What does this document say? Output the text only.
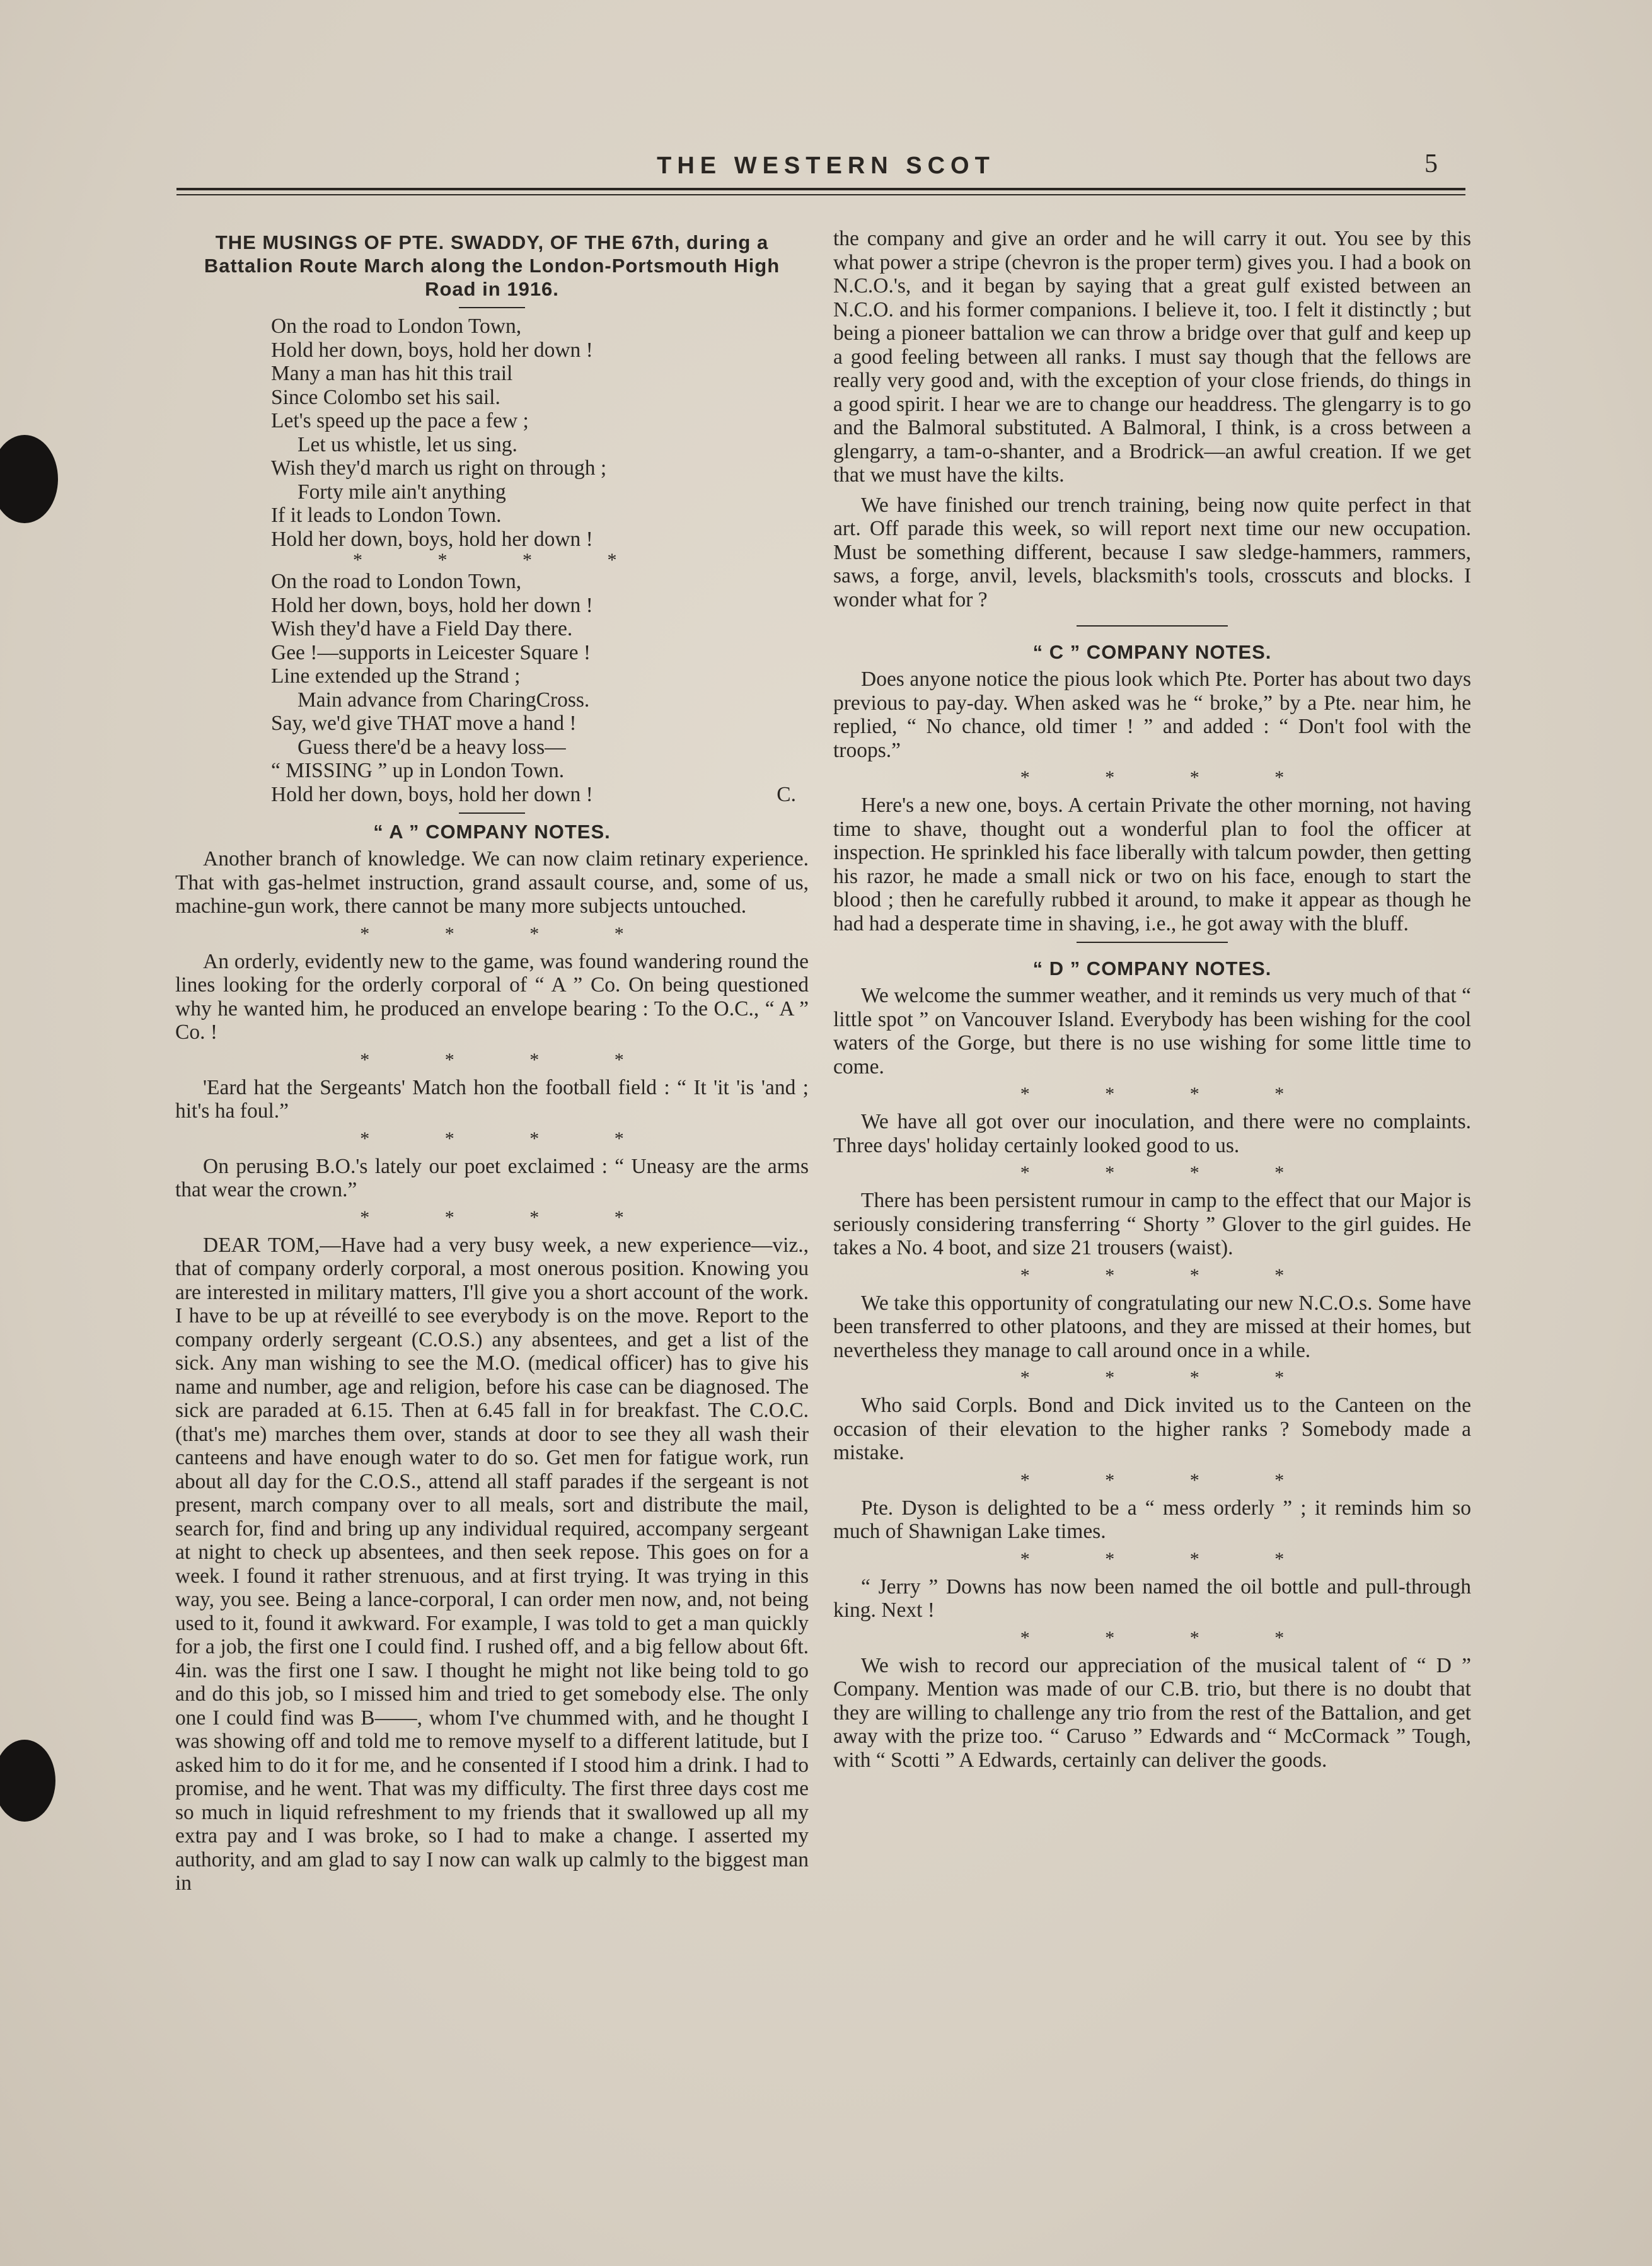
THE WESTERN SCOT	5
THE MUSINGS OF PTE. SWADDY, OF THE 67th, during a Battalion Route March along the London-Portsmouth High Road in 1916.
On the road to London Town,
Hold her down, boys, hold her down !
Many a man has hit this trail
Since Colombo set his sail.
Let's speed up the pace a few ;
Let us whistle, let us sing.
Wish they'd march us right on through ;
Forty mile ain't anything
If it leads to London Town.
Hold her down, boys, hold her down !
* * * *
On the road to London Town,
Hold her down, boys, hold her down !
Wish they'd have a Field Day there.
Gee !—supports in Leicester Square !
Line extended up the Strand ;
Main advance from CharingCross.
Say, we'd give THAT move a hand !
Guess there'd be a heavy loss—
“ MISSING ” up in London Town.
Hold her down, boys, hold her down !	C.
“ A ” COMPANY NOTES.

Another branch of knowledge. We can now claim retinary experience. That with gas-helmet instruction, grand assault course, and, some of us, machine-gun work, there cannot be many more subjects untouched.

* * * *

An orderly, evidently new to the game, was found wandering round the lines looking for the orderly corporal of “ A ” Co. On being questioned why he wanted him, he produced an envelope bearing : To the O.C., “ A ” Co. !

* * * *

'Eard hat the Sergeants' Match hon the football field : “ It 'it 'is 'and ; hit's ha foul.”

* * * *

On perusing B.O.'s lately our poet exclaimed : “ Uneasy are the arms that wear the crown.”

* * * *

DEAR TOM,—Have had a very busy week, a new experience—viz., that of company orderly corporal, a most onerous position. Knowing you are interested in military matters, I'll give you a short account of the work. I have to be up at réveillé to see everybody is on the move. Report to the company orderly sergeant (C.O.S.) any absentees, and get a list of the sick. Any man wishing to see the M.O. (medical officer) has to give his name and number, age and religion, before his case can be diagnosed. The sick are paraded at 6.15. Then at 6.45 fall in for breakfast. The C.O.C. (that's me) marches them over, stands at door to see they all wash their canteens and have enough water to do so. Get men for fatigue work, run about all day for the C.O.S., attend all staff parades if the sergeant is not present, march company over to all meals, sort and distribute the mail, search for, find and bring up any individual required, accompany sergeant at night to check up absentees, and then seek repose. This goes on for a week. I found it rather strenuous, and at first trying. It was trying in this way, you see. Being a lance-corporal, I can order men now, and, not being used to it, found it awkward. For example, I was told to get a man quickly for a job, the first one I could find. I rushed off, and a big fellow about 6ft. 4in. was the first one I saw. I thought he might not like being told to go and do this job, so I missed him and tried to get somebody else. The only one I could find was B——, whom I've chummed with, and he thought I was showing off and told me to remove myself to a different latitude, but I asked him to do it for me, and he consented if I stood him a drink. I had to promise, and he went. That was my difficulty. The first three days cost me so much in liquid refreshment to my friends that it swallowed up all my extra pay and I was broke, so I had to make a change. I asserted my authority, and am glad to say I now can walk up calmly to the biggest man in

the company and give an order and he will carry it out. You see by this what power a stripe (chevron is the proper term) gives you. I had a book on N.C.O.'s, and it began by saying that a great gulf existed between an N.C.O. and his former companions. I believe it, too. I felt it distinctly ; but being a pioneer battalion we can throw a bridge over that gulf and keep up a good feeling between all ranks. I must say though that the fellows are really very good and, with the exception of your close friends, do things in a good spirit. I hear we are to change our headdress. The glengarry is to go and the Balmoral substituted. A Balmoral, I think, is a cross between a glengarry, a tam-o-shanter, and a Brodrick—an awful creation. If we get that we must have the kilts.

We have finished our trench training, being now quite perfect in that art. Off parade this week, so will report next time our new occupation. Must be something different, because I saw sledge-hammers, rammers, saws, a forge, anvil, levels, blacksmith's tools, crosscuts and blocks. I wonder what for ?

“ C ” COMPANY NOTES.

Does anyone notice the pious look which Pte. Porter has about two days previous to pay-day. When asked was he “ broke,” by a Pte. near him, he replied, “ No chance, old timer ! ” and added : “ Don't fool with the troops.”

* * * *

Here's a new one, boys. A certain Private the other morning, not having time to shave, thought out a wonderful plan to fool the officer at inspection. He sprinkled his face liberally with talcum powder, then getting his razor, he made a small nick or two on his face, enough to start the blood ; then he carefully rubbed it around, to make it appear as though he had had a desperate time in shaving, i.e., he got away with the bluff.

“ D ” COMPANY NOTES.

We welcome the summer weather, and it reminds us very much of that “ little spot ” on Vancouver Island. Everybody has been wishing for the cool waters of the Gorge, but there is no use wishing for some little time to come.

* * * *

We have all got over our inoculation, and there were no complaints. Three days' holiday certainly looked good to us.

* * * *

There has been persistent rumour in camp to the effect that our Major is seriously considering transferring “ Shorty ” Glover to the girl guides. He takes a No. 4 boot, and size 21 trousers (waist).

* * * *

We take this opportunity of congratulating our new N.C.O.s. Some have been transferred to other platoons, and they are missed at their homes, but nevertheless they manage to call around once in a while.

* * * *

Who said Corpls. Bond and Dick invited us to the Canteen on the occasion of their elevation to the higher ranks ? Somebody made a mistake.

* * * *

Pte. Dyson is delighted to be a “ mess orderly ” ; it reminds him so much of Shawnigan Lake times.

* * * *

“ Jerry ” Downs has now been named the oil bottle and pull-through king. Next !

* * * *

We wish to record our appreciation of the musical talent of “ D ” Company. Mention was made of our C.B. trio, but there is no doubt that they are willing to challenge any trio from the rest of the Battalion, and get away with the prize too. “ Caruso ” Edwards and “ McCormack ” Tough, with “ Scotti ” A Edwards, certainly can deliver the goods.
